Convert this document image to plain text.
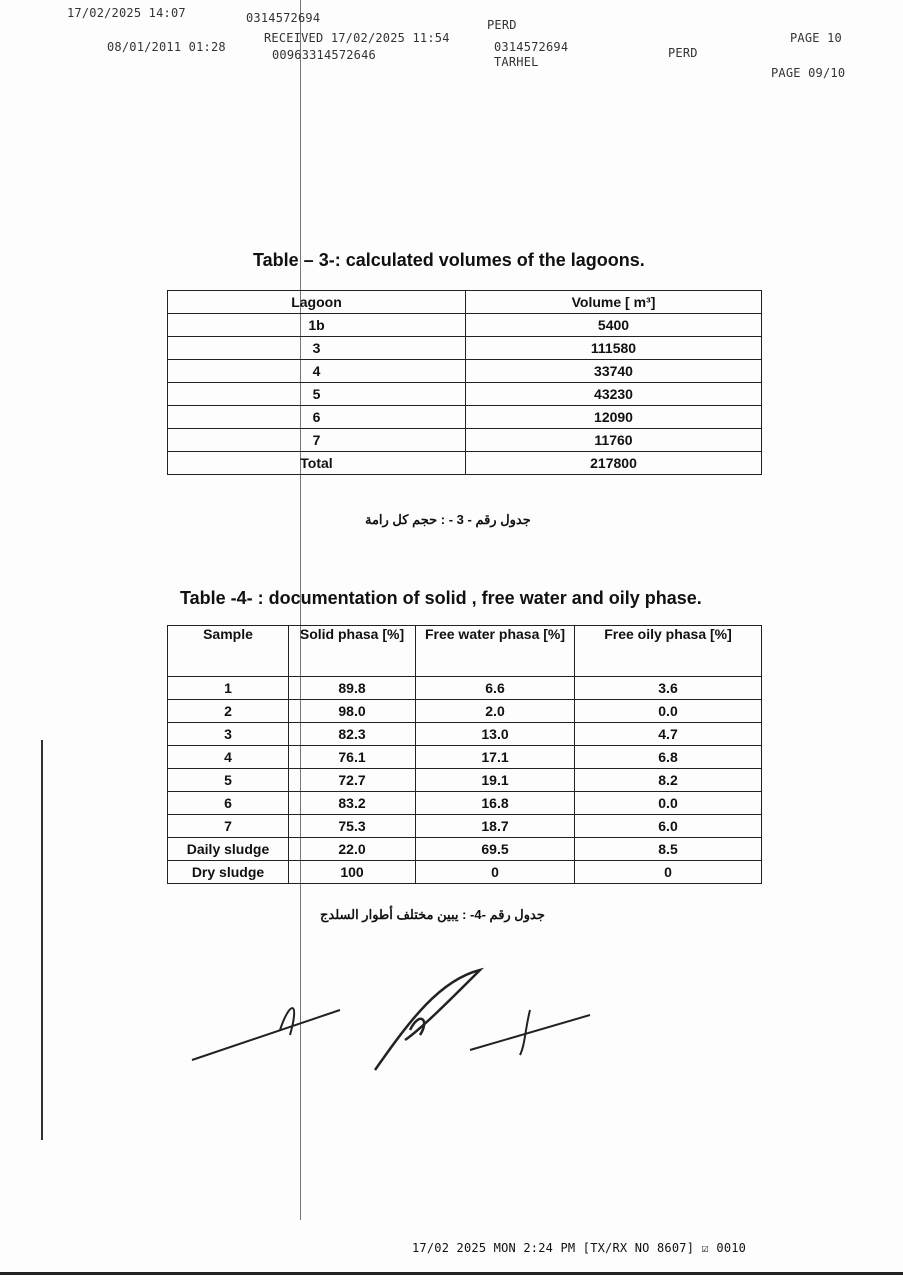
17/02/2025 14:07	0314572694	PERD
08/01/2011 01:28
RECEIVED 17/02/2025 11:54
00963314572646
0314572694
TARHEL
PERD
PAGE 10
PAGE 09/10
Table – 3-: calculated volumes of the lagoons.
Lagoon	Volume [ m³]
1b	5400
3	111580
4	33740
5	43230
6	12090
7	11760
Total	217800
جدول رقم - 3 - : حجم كل رامة
Table -4- : documentation of solid , free water and oily phase.
Sample	Solid phasa [%]	Free water phasa [%]	Free oily phasa [%]
1	89.8	6.6	3.6
2	98.0	2.0	0.0
3	82.3	13.0	4.7
4	76.1	17.1	6.8
5	72.7	19.1	8.2
6	83.2	16.8	0.0
7	75.3	18.7	6.0
Daily sludge	22.0	69.5	8.5
Dry sludge	100	0	0
جدول رقم -4- : يبين مختلف أطوار السلدج
17/02 2025 MON 2:24 PM [TX/RX NO 8607] ☑ 0010
